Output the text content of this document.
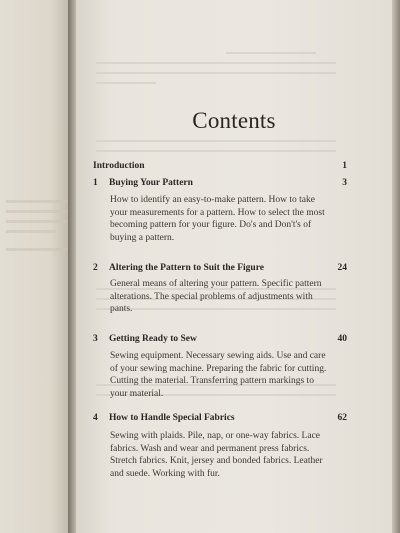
Contents
Introduction	1
1 Buying Your Pattern	3
How to identify an easy-to-make pattern. How to take your measurements for a pattern. How to select the most becoming pattern for your figure. Do's and Don't's of buying a pattern.
2 Altering the Pattern to Suit the Figure	24
General means of altering your pattern. Specific pattern alterations. The special problems of adjustments with pants.
3 Getting Ready to Sew	40
Sewing equipment. Necessary sewing aids. Use and care of your sewing machine. Preparing the fabric for cutting. Cutting the material. Transferring pattern markings to your material.
4 How to Handle Special Fabrics	62
Sewing with plaids. Pile, nap, or one-way fabrics. Lace fabrics. Wash and wear and permanent press fabrics. Stretch fabrics. Knit, jersey and bonded fabrics. Leather and suede. Working with fur.
